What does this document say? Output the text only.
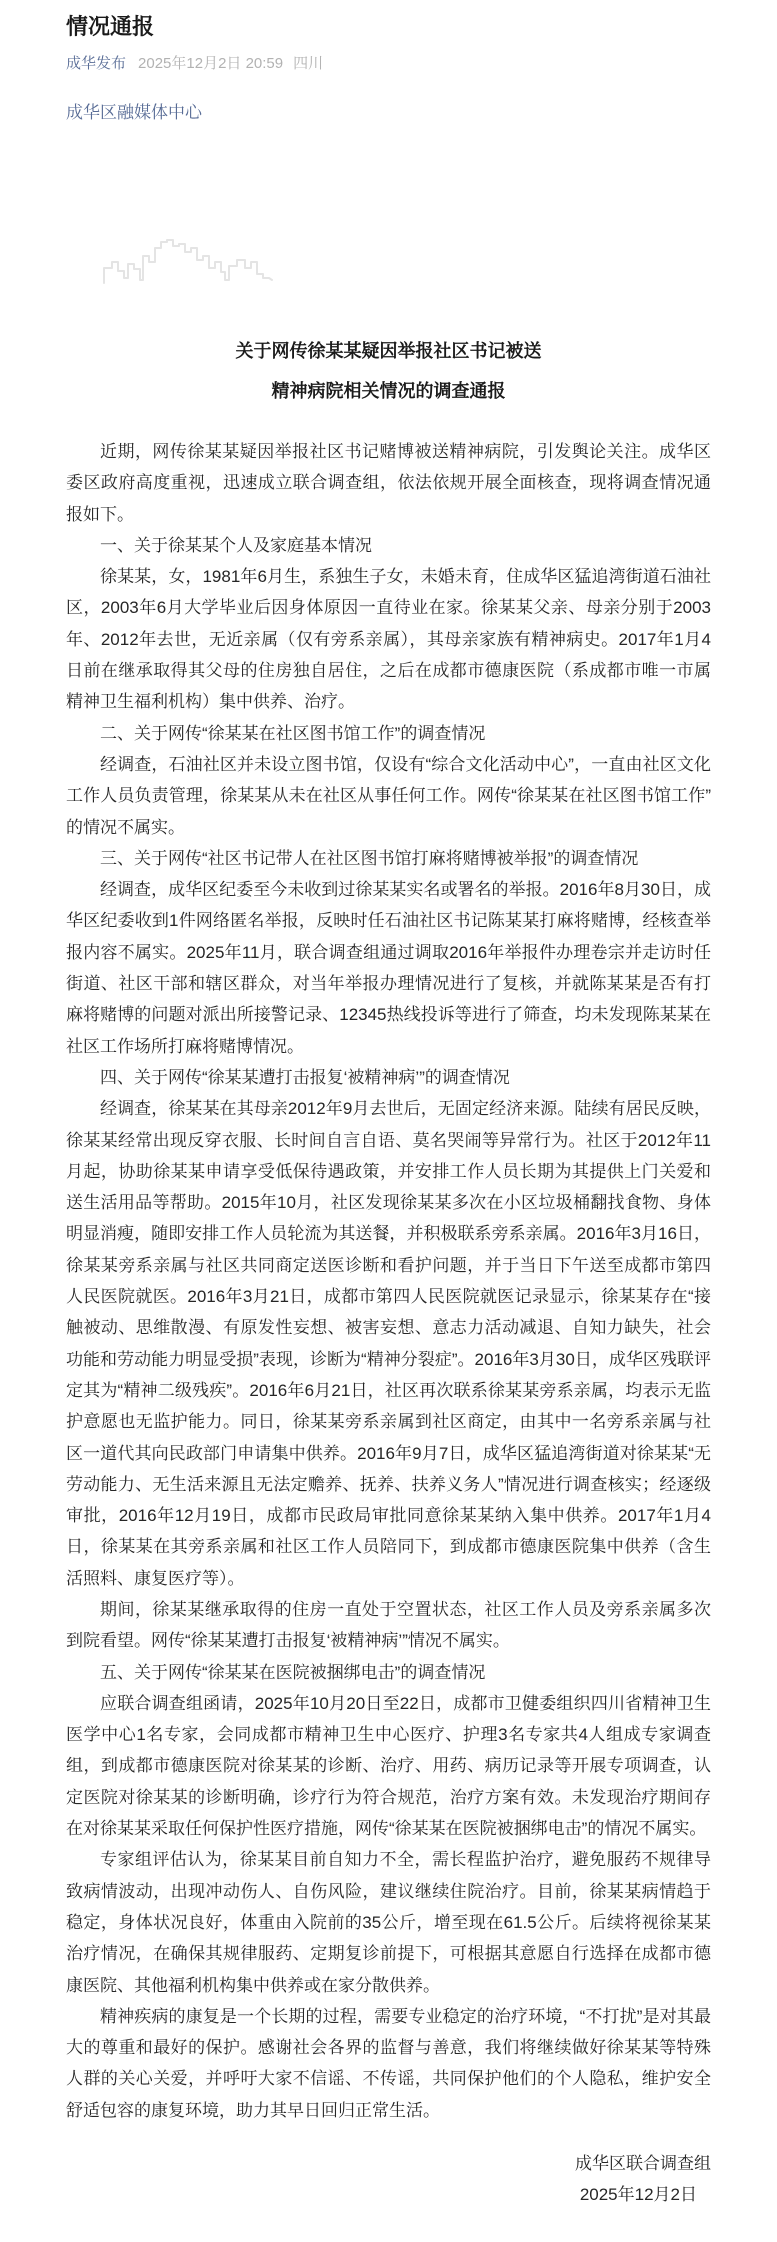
情况通报
成华发布 2025年12月2日 20:59 四川
成华区融媒体中心
关于网传徐某某疑因举报社区书记被送
精神病院相关情况的调查通报

近期，网传徐某某疑因举报社区书记赌博被送精神病院，引发舆论关注。成华区委区政府高度重视，迅速成立联合调查组，依法依规开展全面核查，现将调查情况通报如下。

一、关于徐某某个人及家庭基本情况

徐某某，女，1981年6月生，系独生子女，未婚未育，住成华区猛追湾街道石油社区，2003年6月大学毕业后因身体原因一直待业在家。徐某某父亲、母亲分别于2003年、2012年去世，无近亲属（仅有旁系亲属），其母亲家族有精神病史。2017年1月4日前在继承取得其父母的住房独自居住，之后在成都市德康医院（系成都市唯一市属精神卫生福利机构）集中供养、治疗。

二、关于网传“徐某某在社区图书馆工作”的调查情况

经调查，石油社区并未设立图书馆，仅设有“综合文化活动中心”，一直由社区文化工作人员负责管理，徐某某从未在社区从事任何工作。网传“徐某某在社区图书馆工作”的情况不属实。

三、关于网传“社区书记带人在社区图书馆打麻将赌博被举报”的调查情况

经调查，成华区纪委至今未收到过徐某某实名或署名的举报。2016年8月30日，成华区纪委收到1件网络匿名举报，反映时任石油社区书记陈某某打麻将赌博，经核查举报内容不属实。2025年11月，联合调查组通过调取2016年举报件办理卷宗并走访时任街道、社区干部和辖区群众，对当年举报办理情况进行了复核，并就陈某某是否有打麻将赌博的问题对派出所接警记录、12345热线投诉等进行了筛查，均未发现陈某某在社区工作场所打麻将赌博情况。

四、关于网传“徐某某遭打击报复‘被精神病’”的调查情况

经调查，徐某某在其母亲2012年9月去世后，无固定经济来源。陆续有居民反映，徐某某经常出现反穿衣服、长时间自言自语、莫名哭闹等异常行为。社区于2012年11月起，协助徐某某申请享受低保待遇政策，并安排工作人员长期为其提供上门关爱和送生活用品等帮助。2015年10月，社区发现徐某某多次在小区垃圾桶翻找食物、身体明显消瘦，随即安排工作人员轮流为其送餐，并积极联系旁系亲属。2016年3月16日，徐某某旁系亲属与社区共同商定送医诊断和看护问题，并于当日下午送至成都市第四人民医院就医。2016年3月21日，成都市第四人民医院就医记录显示，徐某某存在“接触被动、思维散漫、有原发性妄想、被害妄想、意志力活动减退、自知力缺失，社会功能和劳动能力明显受损”表现，诊断为“精神分裂症”。2016年3月30日，成华区残联评定其为“精神二级残疾”。2016年6月21日，社区再次联系徐某某旁系亲属，均表示无监护意愿也无监护能力。同日，徐某某旁系亲属到社区商定，由其中一名旁系亲属与社区一道代其向民政部门申请集中供养。2016年9月7日，成华区猛追湾街道对徐某某“无劳动能力、无生活来源且无法定赡养、抚养、扶养义务人”情况进行调查核实；经逐级审批，2016年12月19日，成都市民政局审批同意徐某某纳入集中供养。2017年1月4日，徐某某在其旁系亲属和社区工作人员陪同下，到成都市德康医院集中供养（含生活照料、康复医疗等）。

期间，徐某某继承取得的住房一直处于空置状态，社区工作人员及旁系亲属多次到院看望。网传“徐某某遭打击报复‘被精神病’”情况不属实。

五、关于网传“徐某某在医院被捆绑电击”的调查情况

应联合调查组函请，2025年10月20日至22日，成都市卫健委组织四川省精神卫生医学中心1名专家，会同成都市精神卫生中心医疗、护理3名专家共4人组成专家调查组，到成都市德康医院对徐某某的诊断、治疗、用药、病历记录等开展专项调查，认定医院对徐某某的诊断明确，诊疗行为符合规范，治疗方案有效。未发现治疗期间存在对徐某某采取任何保护性医疗措施，网传“徐某某在医院被捆绑电击”的情况不属实。

专家组评估认为，徐某某目前自知力不全，需长程监护治疗，避免服药不规律导致病情波动，出现冲动伤人、自伤风险，建议继续住院治疗。目前，徐某某病情趋于稳定，身体状况良好，体重由入院前的35公斤，增至现在61.5公斤。后续将视徐某某治疗情况，在确保其规律服药、定期复诊前提下，可根据其意愿自行选择在成都市德康医院、其他福利机构集中供养或在家分散供养。

精神疾病的康复是一个长期的过程，需要专业稳定的治疗环境，“不打扰”是对其最大的尊重和最好的保护。感谢社会各界的监督与善意，我们将继续做好徐某某等特殊人群的关心关爱，并呼吁大家不信谣、不传谣，共同保护他们的个人隐私，维护安全舒适包容的康复环境，助力其早日回归正常生活。

成华区联合调查组
2025年12月2日
